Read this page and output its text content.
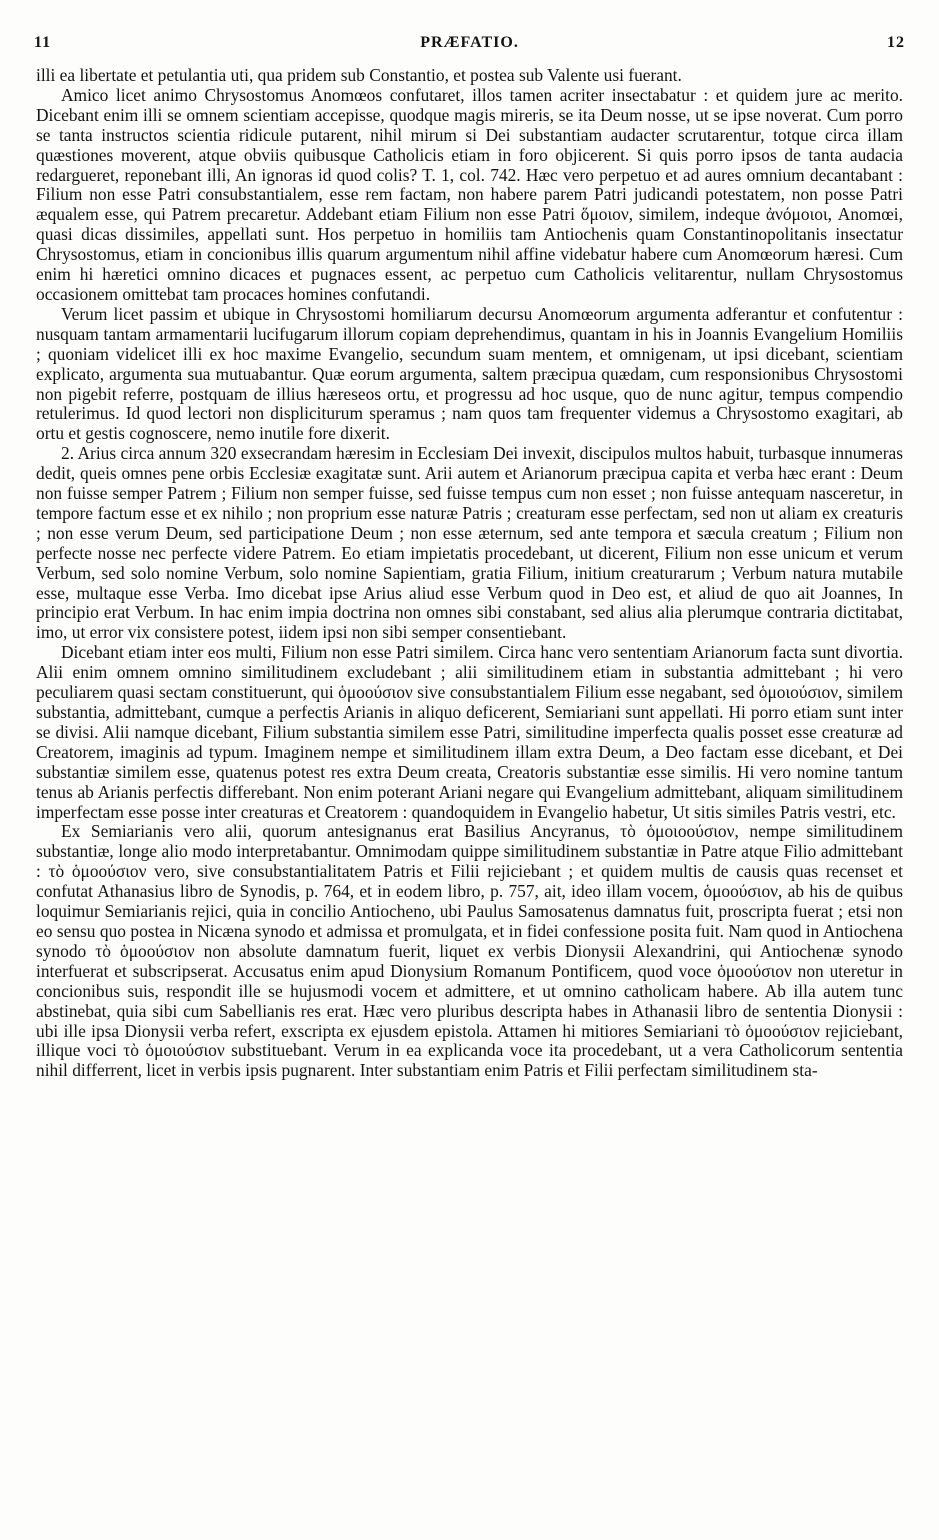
11	PRÆFATIO.	12

illi ea libertate et petulantia uti, qua pridem sub Constantio, et postea sub Valente usi fuerant.

Amico licet animo Chrysostomus Anomœos confutaret, illos tamen acriter insectabatur : et quidem jure ac merito. Dicebant enim illi se omnem scientiam accepisse, quodque magis mireris, se ita Deum nosse, ut se ipse noverat. Cum porro se tanta instructos scientia ridicule putarent, nihil mirum si Dei substantiam audacter scrutarentur, totque circa illam quæstiones moverent, atque obviis quibusque Catholicis etiam in foro objicerent. Si quis porro ipsos de tanta audacia redargueret, reponebant illi, An ignoras id quod colis? T. 1, col. 742. Hæc vero perpetuo et ad aures omnium decantabant : Filium non esse Patri consubstantialem, esse rem factam, non habere parem Patri judicandi potestatem, non posse Patri æqualem esse, qui Patrem precaretur. Addebant etiam Filium non esse Patri ὅμοιον, similem, indeque ἀνόμοιοι, Anomœi, quasi dicas dissimiles, appellati sunt. Hos perpetuo in homiliis tam Antiochenis quam Constantinopolitanis insectatur Chrysostomus, etiam in concionibus illis quarum argumentum nihil affine videbatur habere cum Anomœorum hæresi. Cum enim hi hæretici omnino dicaces et pugnaces essent, ac perpetuo cum Catholicis velitarentur, nullam Chrysostomus occasionem omittebat tam procaces homines confutandi.

Verum licet passim et ubique in Chrysostomi homiliarum decursu Anomœorum argumenta adferantur et confutentur : nusquam tantam armamentarii lucifugarum illorum copiam deprehendimus, quantam in his in Joannis Evangelium Homiliis ; quoniam videlicet illi ex hoc maxime Evangelio, secundum suam mentem, et omnigenam, ut ipsi dicebant, scientiam explicato, argumenta sua mutuabantur. Quæ eorum argumenta, saltem præcipua quædam, cum responsionibus Chrysostomi non pigebit referre, postquam de illius hæreseos ortu, et progressu ad hoc usque, quo de nunc agitur, tempus compendio retulerimus. Id quod lectori non displiciturum speramus ; nam quos tam frequenter videmus a Chrysostomo exagitari, ab ortu et gestis cognoscere, nemo inutile fore dixerit.

2. Arius circa annum 320 exsecrandam hæresim in Ecclesiam Dei invexit, discipulos multos habuit, turbasque innumeras dedit, queis omnes pene orbis Ecclesiæ exagitatæ sunt. Arii autem et Arianorum præcipua capita et verba hæc erant : Deum non fuisse semper Patrem ; Filium non semper fuisse, sed fuisse tempus cum non esset ; non fuisse antequam nasceretur, in tempore factum esse et ex nihilo ; non proprium esse naturæ Patris ; creaturam esse perfectam, sed non ut aliam ex creaturis ; non esse verum Deum, sed participatione Deum ; non esse æternum, sed ante tempora et sæcula creatum ; Filium non perfecte nosse nec perfecte videre Patrem. Eo etiam impietatis procedebant, ut dicerent, Filium non esse unicum et verum Verbum, sed solo nomine Verbum, solo nomine Sapientiam, gratia Filium, initium creaturarum ; Verbum natura mutabile esse, multaque esse Verba. Imo dicebat ipse Arius aliud esse Verbum quod in Deo est, et aliud de quo ait Joannes, In principio erat Verbum. In hac enim impia doctrina non omnes sibi constabant, sed alius alia plerumque contraria dictitabat, imo, ut error vix consistere potest, iidem ipsi non sibi semper consentiebant.

Dicebant etiam inter eos multi, Filium non esse Patri similem. Circa hanc vero sententiam Arianorum facta sunt divortia. Alii enim omnem omnino similitudinem excludebant ; alii similitudinem etiam in substantia admittebant ; hi vero peculiarem quasi sectam constituerunt, qui ὁμοούσιον sive consubstantialem Filium esse negabant, sed ὁμοιούσιον, similem substantia, admittebant, cumque a perfectis Arianis in aliquo deficerent, Semiariani sunt appellati. Hi porro etiam sunt inter se divisi. Alii namque dicebant, Filium substantia similem esse Patri, similitudine imperfecta qualis posset esse creaturæ ad Creatorem, imaginis ad typum. Imaginem nempe et similitudinem illam extra Deum, a Deo factam esse dicebant, et Dei substantiæ similem esse, quatenus potest res extra Deum creata, Creatoris substantiæ esse similis. Hi vero nomine tantum tenus ab Arianis perfectis differebant. Non enim poterant Ariani negare qui Evangelium admittebant, aliquam similitudinem imperfectam esse posse inter creaturas et Creatorem : quandoquidem in Evangelio habetur, Ut sitis similes Patris vestri, etc.

Ex Semiarianis vero alii, quorum antesignanus erat Basilius Ancyranus, τὸ ὁμοιοούσιον, nempe similitudinem substantiæ, longe alio modo interpretabantur. Omnimodam quippe similitudinem substantiæ in Patre atque Filio admittebant : τὸ ὁμοούσιον vero, sive consubstantialitatem Patris et Filii rejiciebant ; et quidem multis de causis quas recenset et confutat Athanasius libro de Synodis, p. 764, et in eodem libro, p. 757, ait, ideo illam vocem, ὁμοούσιον, ab his de quibus loquimur Semiarianis rejici, quia in concilio Antiocheno, ubi Paulus Samosatenus damnatus fuit, proscripta fuerat ; etsi non eo sensu quo postea in Nicæna synodo et admissa et promulgata, et in fidei confessione posita fuit. Nam quod in Antiochena synodo τὸ ὁμοούσιον non absolute damnatum fuerit, liquet ex verbis Dionysii Alexandrini, qui Antiochenæ synodo interfuerat et subscripserat. Accusatus enim apud Dionysium Romanum Pontificem, quod voce ὁμοούσιον non uteretur in concionibus suis, respondit ille se hujusmodi vocem et admittere, et ut omnino catholicam habere. Ab illa autem tunc abstinebat, quia sibi cum Sabellianis res erat. Hæc vero pluribus descripta habes in Athanasii libro de sententia Dionysii : ubi ille ipsa Dionysii verba refert, exscripta ex ejusdem epistola. Attamen hi mitiores Semiariani τὸ ὁμοούσιον rejiciebant, illique voci τὸ ὁμοιούσιον substituebant. Verum in ea explicanda voce ita procedebant, ut a vera Catholicorum sententia nihil differrent, licet in verbis ipsis pugnarent. Inter substantiam enim Patris et Filii perfectam similitudinem sta-
